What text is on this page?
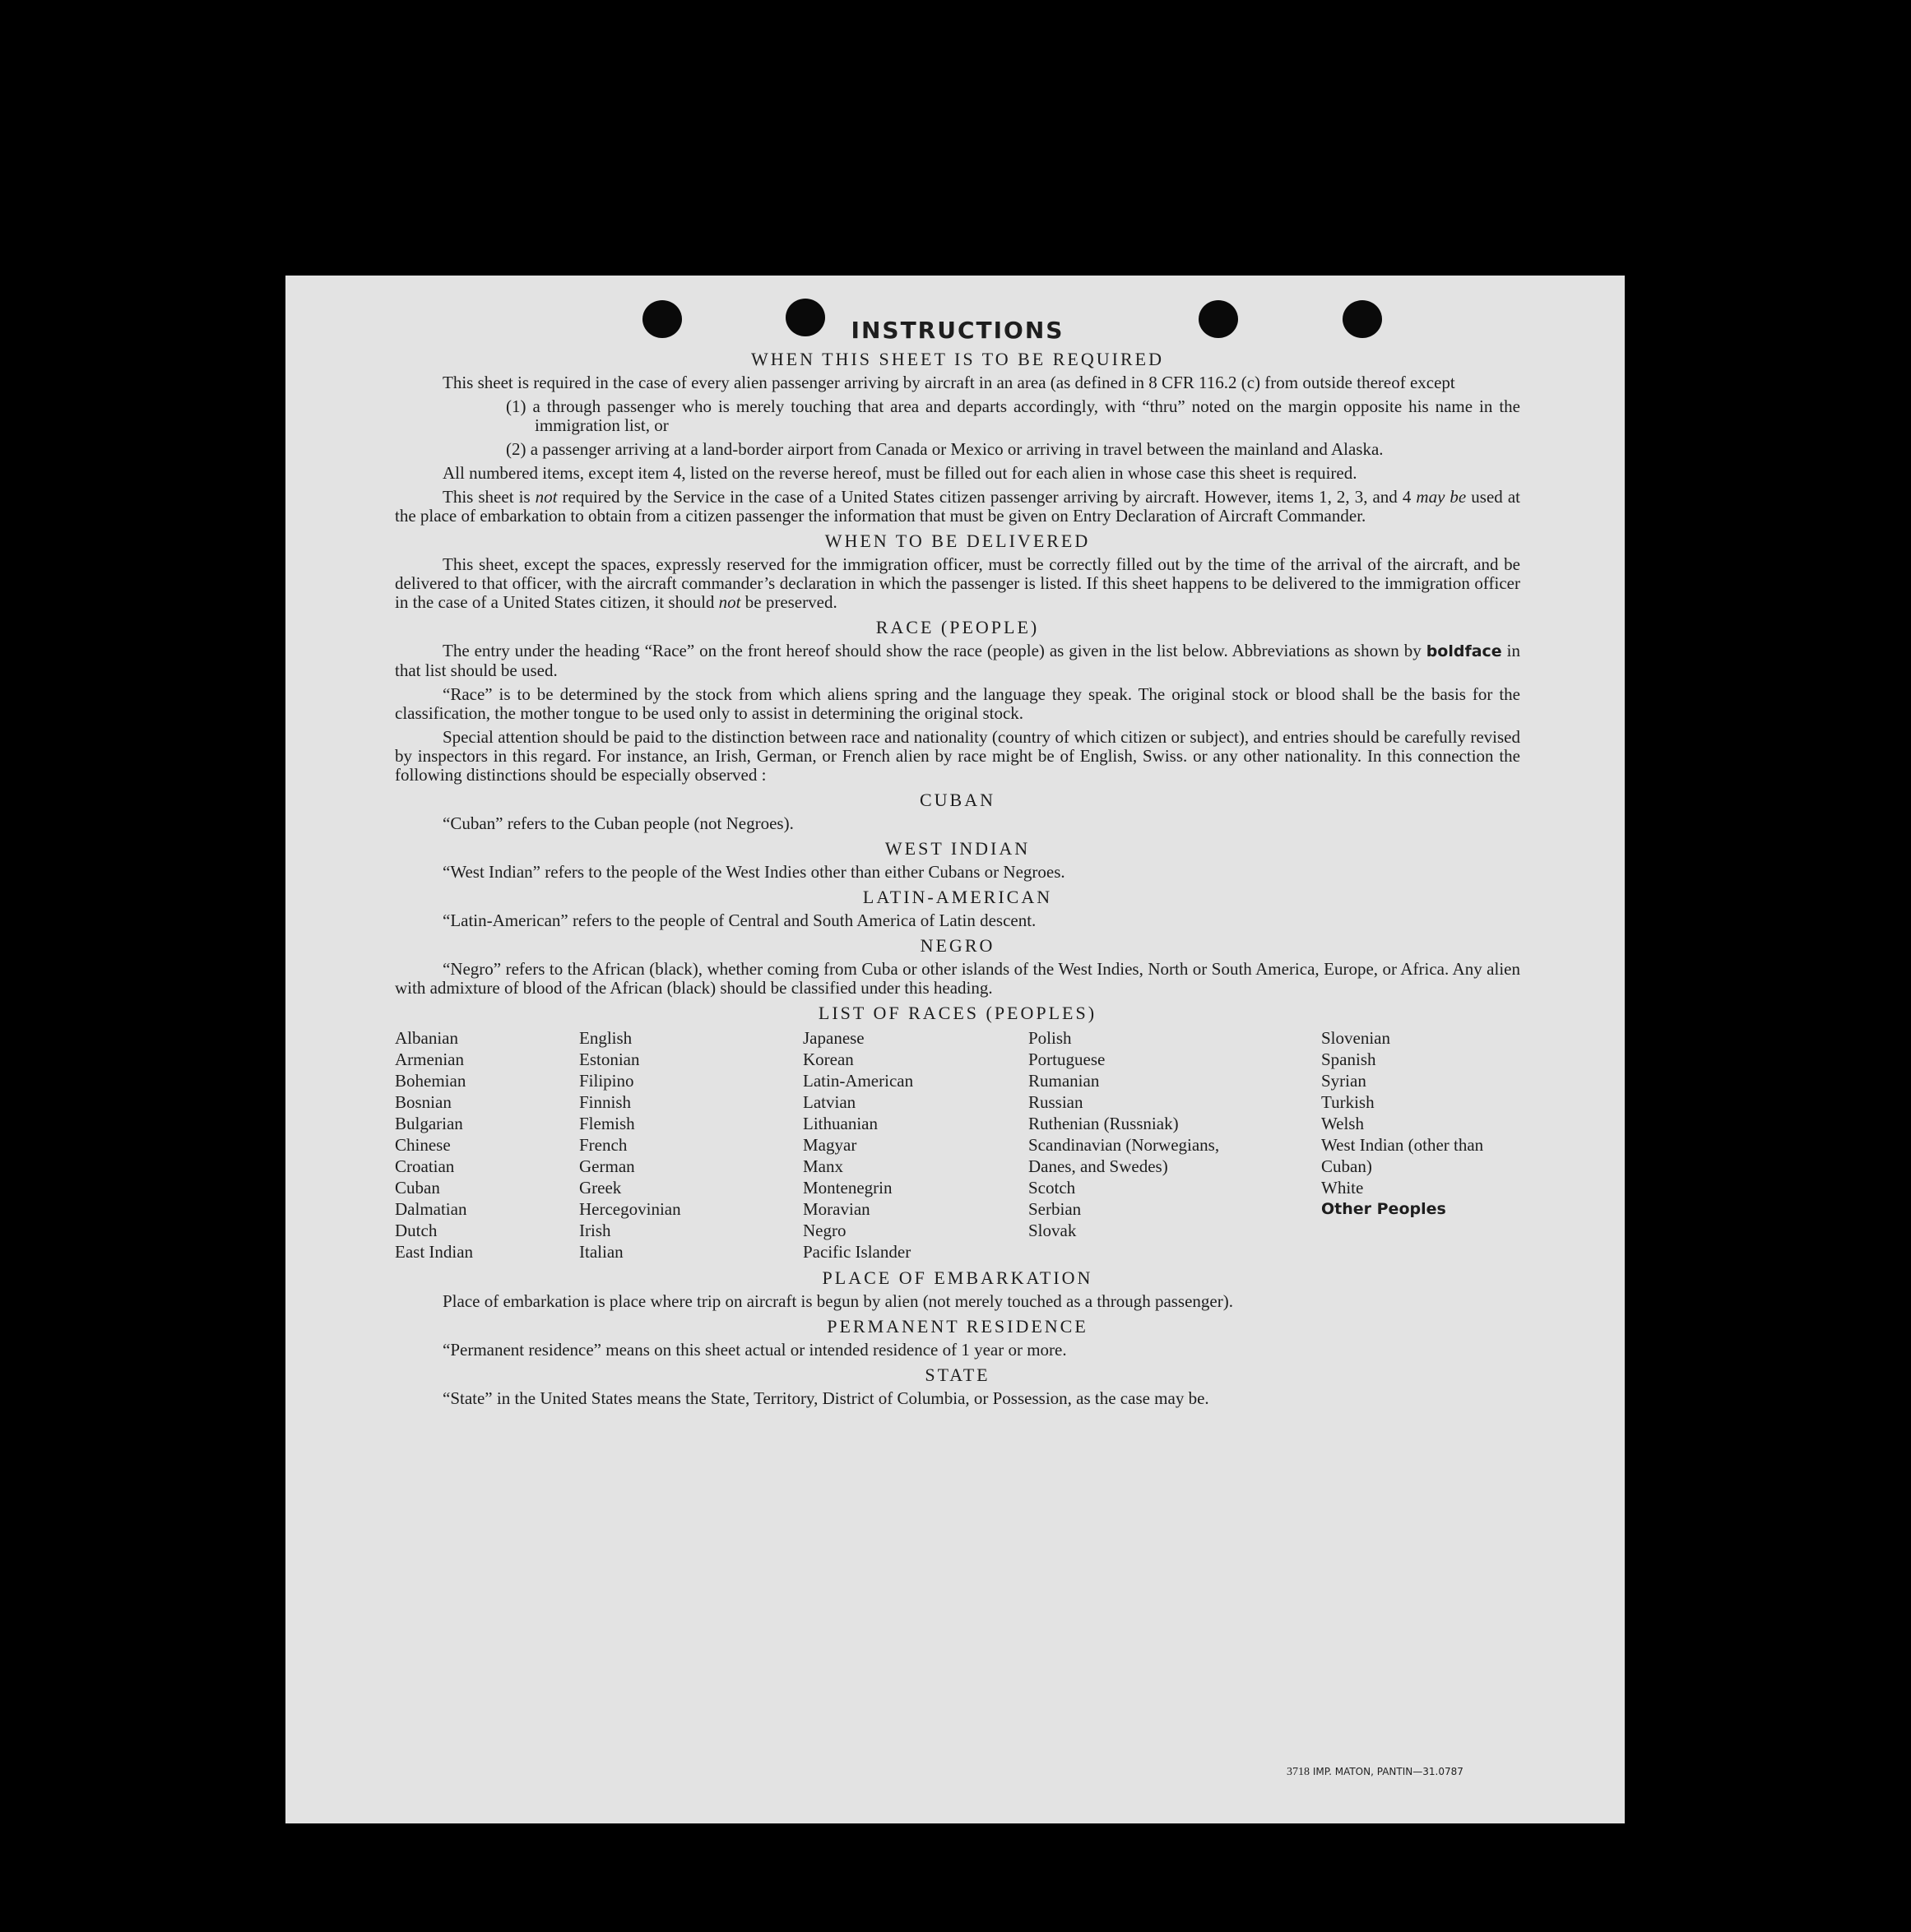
INSTRUCTIONS
WHEN THIS SHEET IS TO BE REQUIRED

This sheet is required in the case of every alien passenger arriving by aircraft in an area (as defined in 8 CFR 116.2 (c) from outside thereof except

(1) a through passenger who is merely touching that area and departs accordingly, with “thru” noted on the margin opposite his name in the immigration list, or

(2) a passenger arriving at a land-border airport from Canada or Mexico or arriving in travel between the mainland and Alaska.

All numbered items, except item 4, listed on the reverse hereof, must be filled out for each alien in whose case this sheet is required.

This sheet is not required by the Service in the case of a United States citizen passenger arriving by aircraft. However, items 1, 2, 3, and 4 may be used at the place of embarkation to obtain from a citizen passenger the information that must be given on Entry Declaration of Aircraft Commander.

WHEN TO BE DELIVERED

This sheet, except the spaces, expressly reserved for the immigration officer, must be correctly filled out by the time of the arrival of the aircraft, and be delivered to that officer, with the aircraft commander’s declaration in which the passenger is listed. If this sheet happens to be delivered to the immigration officer in the case of a United States citizen, it should not be preserved.

RACE (PEOPLE)

The entry under the heading “Race” on the front hereof should show the race (people) as given in the list below. Abbreviations as shown by boldface in that list should be used.

“Race” is to be determined by the stock from which aliens spring and the language they speak. The original stock or blood shall be the basis for the classification, the mother tongue to be used only to assist in determining the original stock.

Special attention should be paid to the distinction between race and nationality (country of which citizen or subject), and entries should be carefully revised by inspectors in this regard. For instance, an Irish, German, or French alien by race might be of English, Swiss. or any other nationality. In this connection the following distinctions should be especially observed :

CUBAN

“Cuban” refers to the Cuban people (not Negroes).

WEST INDIAN

“West Indian” refers to the people of the West Indies other than either Cubans or Negroes.

LATIN-AMERICAN

“Latin-American” refers to the people of Central and South America of Latin descent.

NEGRO

“Negro” refers to the African (black), whether coming from Cuba or other islands of the West Indies, North or South America, Europe, or Africa. Any alien with admixture of blood of the African (black) should be classified under this heading.

LIST OF RACES (PEOPLES)
Albanian
Armenian
Bohemian
Bosnian
Bulgarian
Chinese
Croatian
Cuban
Dalmatian
Dutch
East Indian
English
Estonian
Filipino
Finnish
Flemish
French
German
Greek
Hercegovinian
Irish
Italian
Japanese
Korean
Latin-American
Latvian
Lithuanian
Magyar
Manx
Montenegrin
Moravian
Negro
Pacific Islander
Polish
Portuguese
Rumanian
Russian
Ruthenian (Russniak)
Scandinavian (Norwegians, Danes, and Swedes)
Scotch
Serbian
Slovak
Slovenian
Spanish
Syrian
Turkish
Welsh
West Indian (other than Cuban)
White
Other Peoples
PLACE OF EMBARKATION

Place of embarkation is place where trip on aircraft is begun by alien (not merely touched as a through passenger).

PERMANENT RESIDENCE

“Permanent residence” means on this sheet actual or intended residence of 1 year or more.

STATE

“State” in the United States means the State, Territory, District of Columbia, or Possession, as the case may be.

3718 IMP. MATON, PANTIN—31.0787
